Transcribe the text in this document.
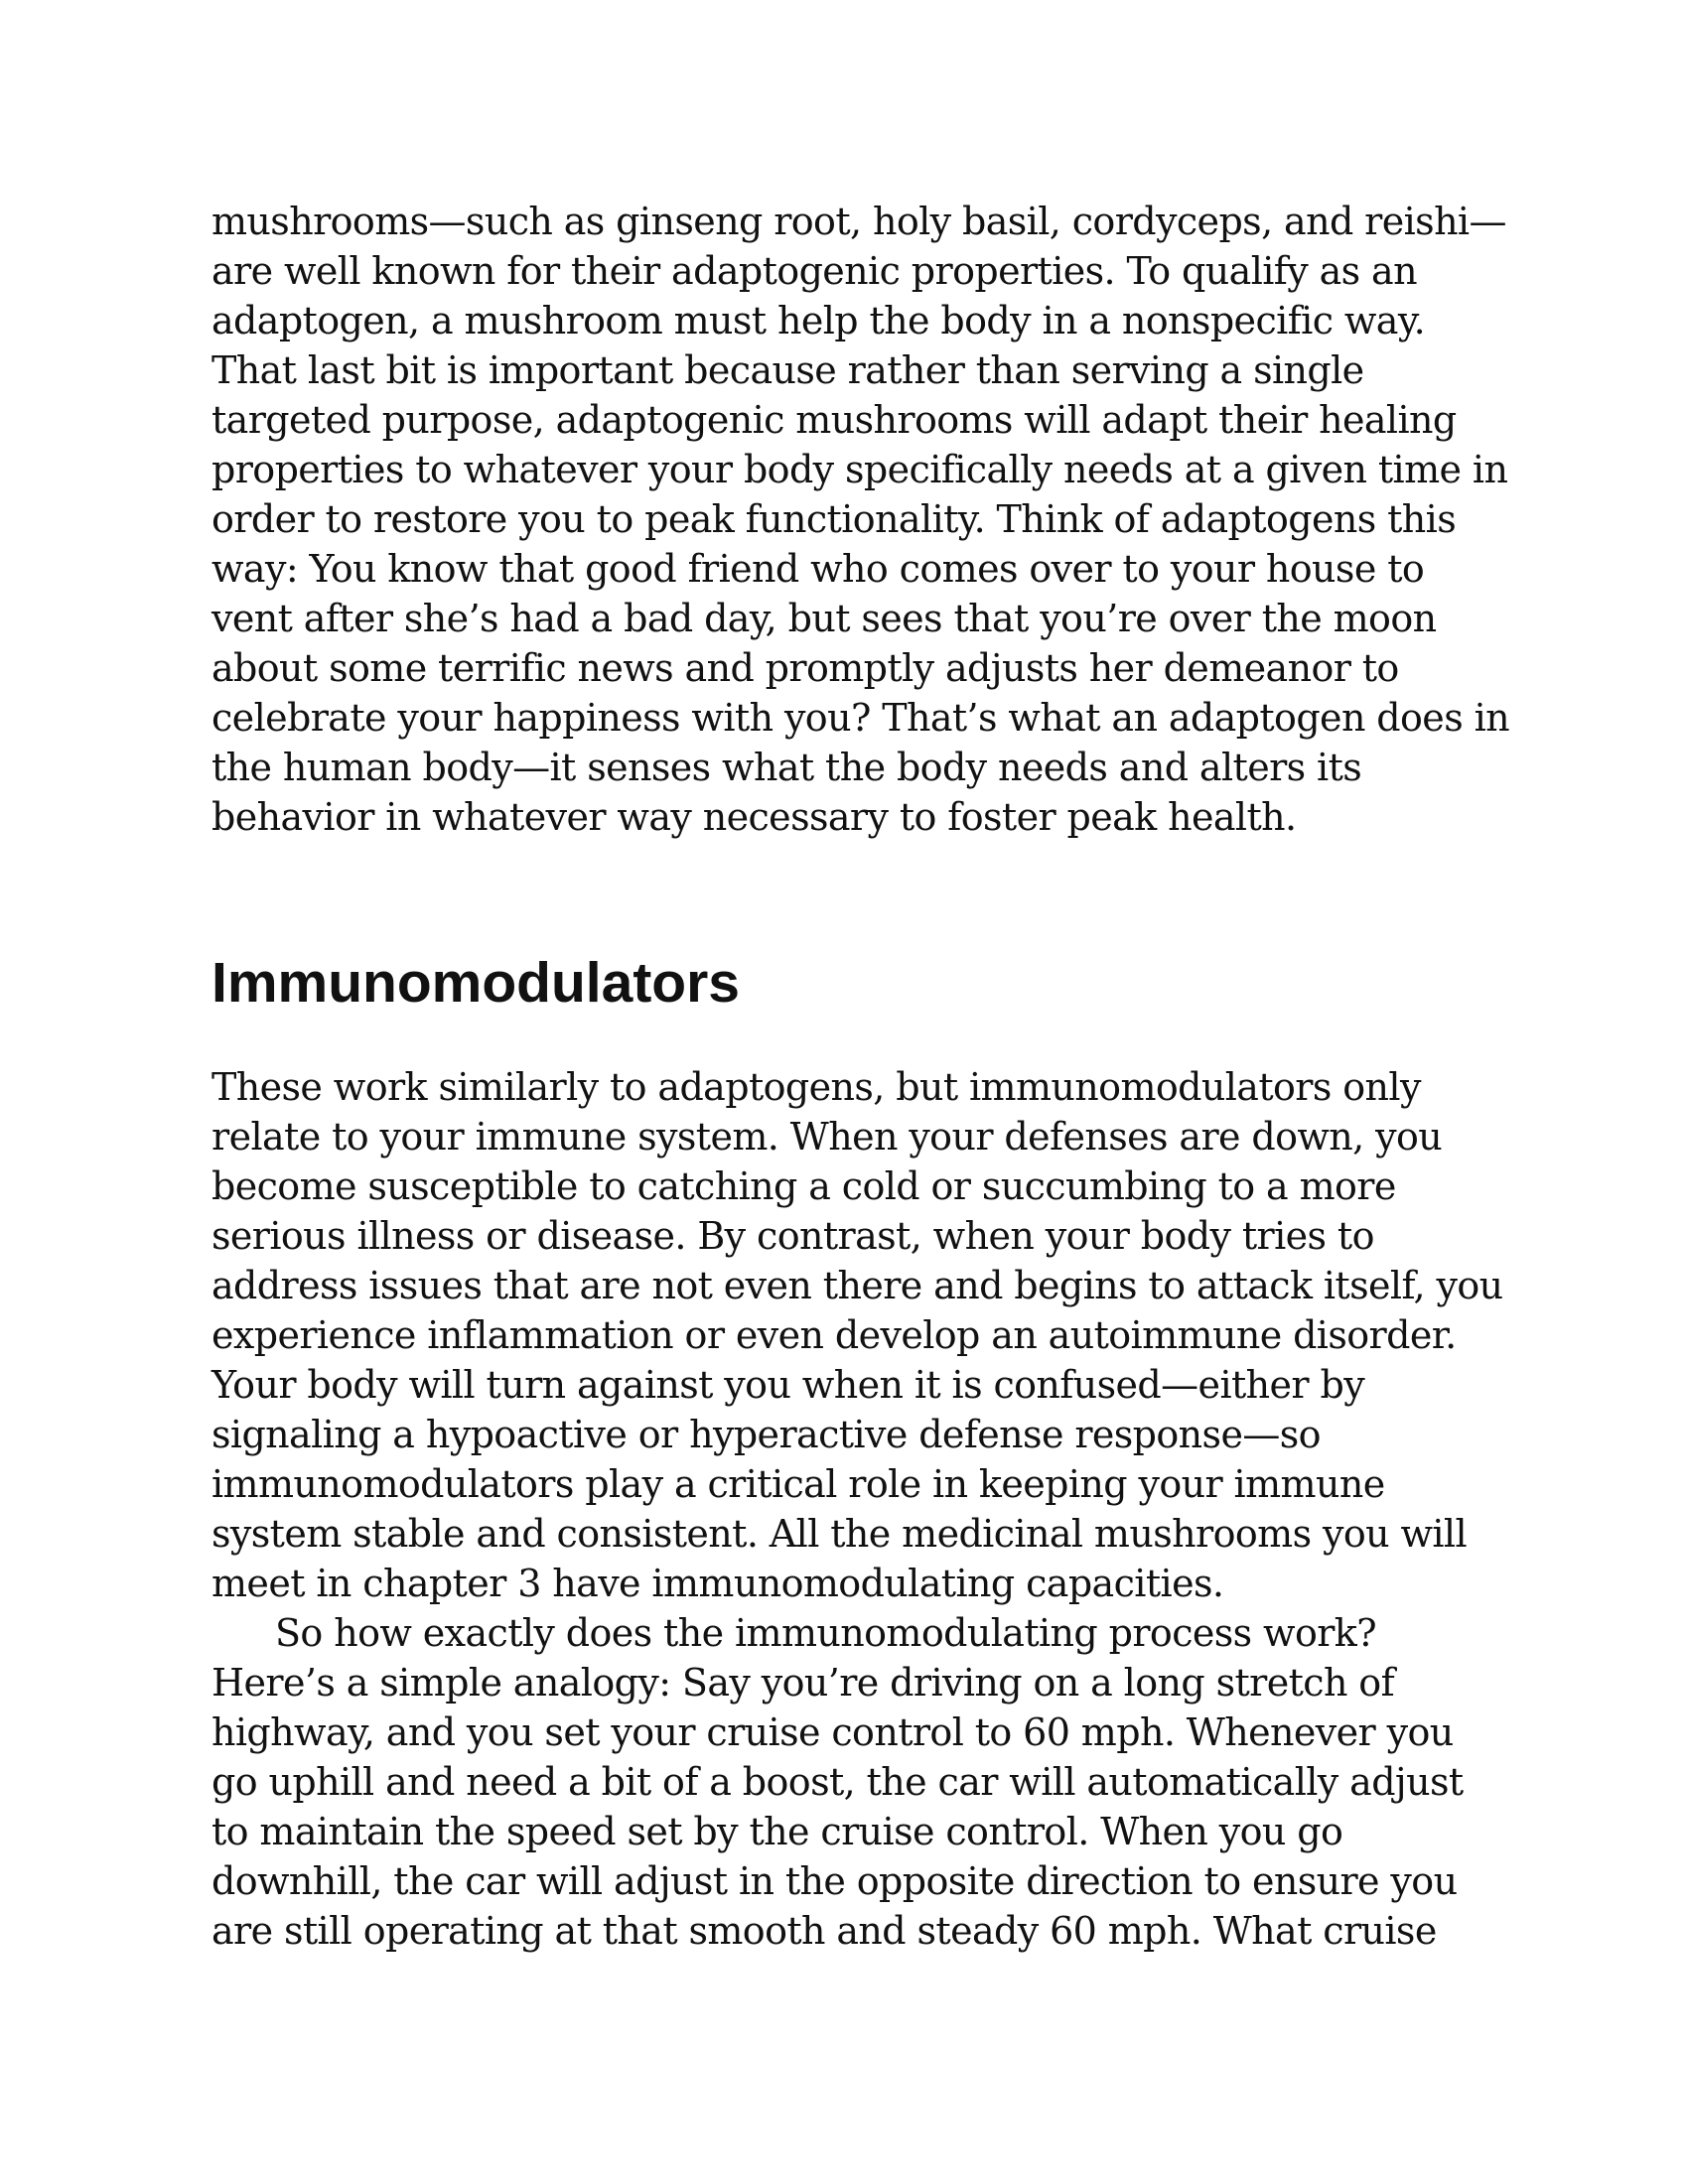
mushrooms—such as ginseng root, holy basil, cordyceps, and reishi—
are well known for their adaptogenic properties. To qualify as an
adaptogen, a mushroom must help the body in a nonspecific way.
That last bit is important because rather than serving a single
targeted purpose, adaptogenic mushrooms will adapt their healing
properties to whatever your body specifically needs at a given time in
order to restore you to peak functionality. Think of adaptogens this
way: You know that good friend who comes over to your house to
vent after she’s had a bad day, but sees that you’re over the moon
about some terrific news and promptly adjusts her demeanor to
celebrate your happiness with you? That’s what an adaptogen does in
the human body—it senses what the body needs and alters its
behavior in whatever way necessary to foster peak health.
Immunomodulators
These work similarly to adaptogens, but immunomodulators only
relate to your immune system. When your defenses are down, you
become susceptible to catching a cold or succumbing to a more
serious illness or disease. By contrast, when your body tries to
address issues that are not even there and begins to attack itself, you
experience inflammation or even develop an autoimmune disorder.
Your body will turn against you when it is confused—either by
signaling a hypoactive or hyperactive defense response—so
immunomodulators play a critical role in keeping your immune
system stable and consistent. All the medicinal mushrooms you will
meet in chapter 3 have immunomodulating capacities.
So how exactly does the immunomodulating process work?
Here’s a simple analogy: Say you’re driving on a long stretch of
highway, and you set your cruise control to 60 mph. Whenever you
go uphill and need a bit of a boost, the car will automatically adjust
to maintain the speed set by the cruise control. When you go
downhill, the car will adjust in the opposite direction to ensure you
are still operating at that smooth and steady 60 mph. What cruise
